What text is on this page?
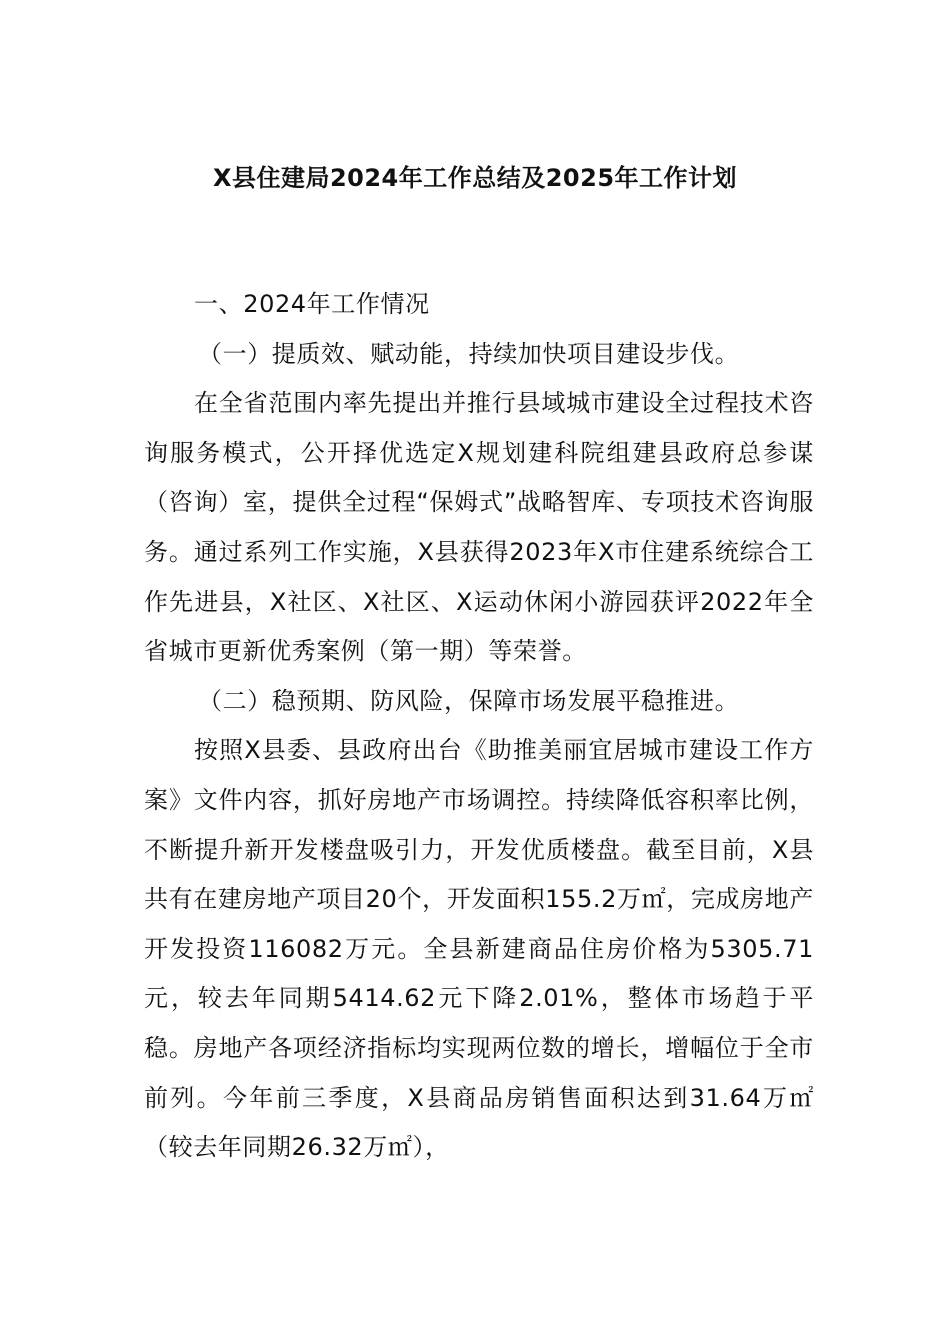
X县住建局2024年工作总结及2025年工作计划

一、2024年工作情况

（一）提质效、赋动能，持续加快项目建设步伐。

在全省范围内率先提出并推行县域城市建设全过程技术咨询服务模式，公开择优选定X规划建科院组建县政府总参谋（咨询）室，提供全过程“保姆式”战略智库、专项技术咨询服务。通过系列工作实施，X县获得2023年X市住建系统综合工作先进县，X社区、X社区、X运动休闲小游园获评2022年全省城市更新优秀案例（第一期）等荣誉。

（二）稳预期、防风险，保障市场发展平稳推进。

按照X县委、县政府出台《助推美丽宜居城市建设工作方案》文件内容，抓好房地产市场调控。持续降低容积率比例，不断提升新开发楼盘吸引力，开发优质楼盘。截至目前，X县共有在建房地产项目20个，开发面积155.2万㎡，完成房地产开发投资116082万元。全县新建商品住房价格为5305.71元，较去年同期5414.62元下降2.01%，整体市场趋于平稳。房地产各项经济指标均实现两位数的增长，增幅位于全市前列。今年前三季度，X县商品房销售面积达到31.64万㎡（较去年同期26.32万㎡），
